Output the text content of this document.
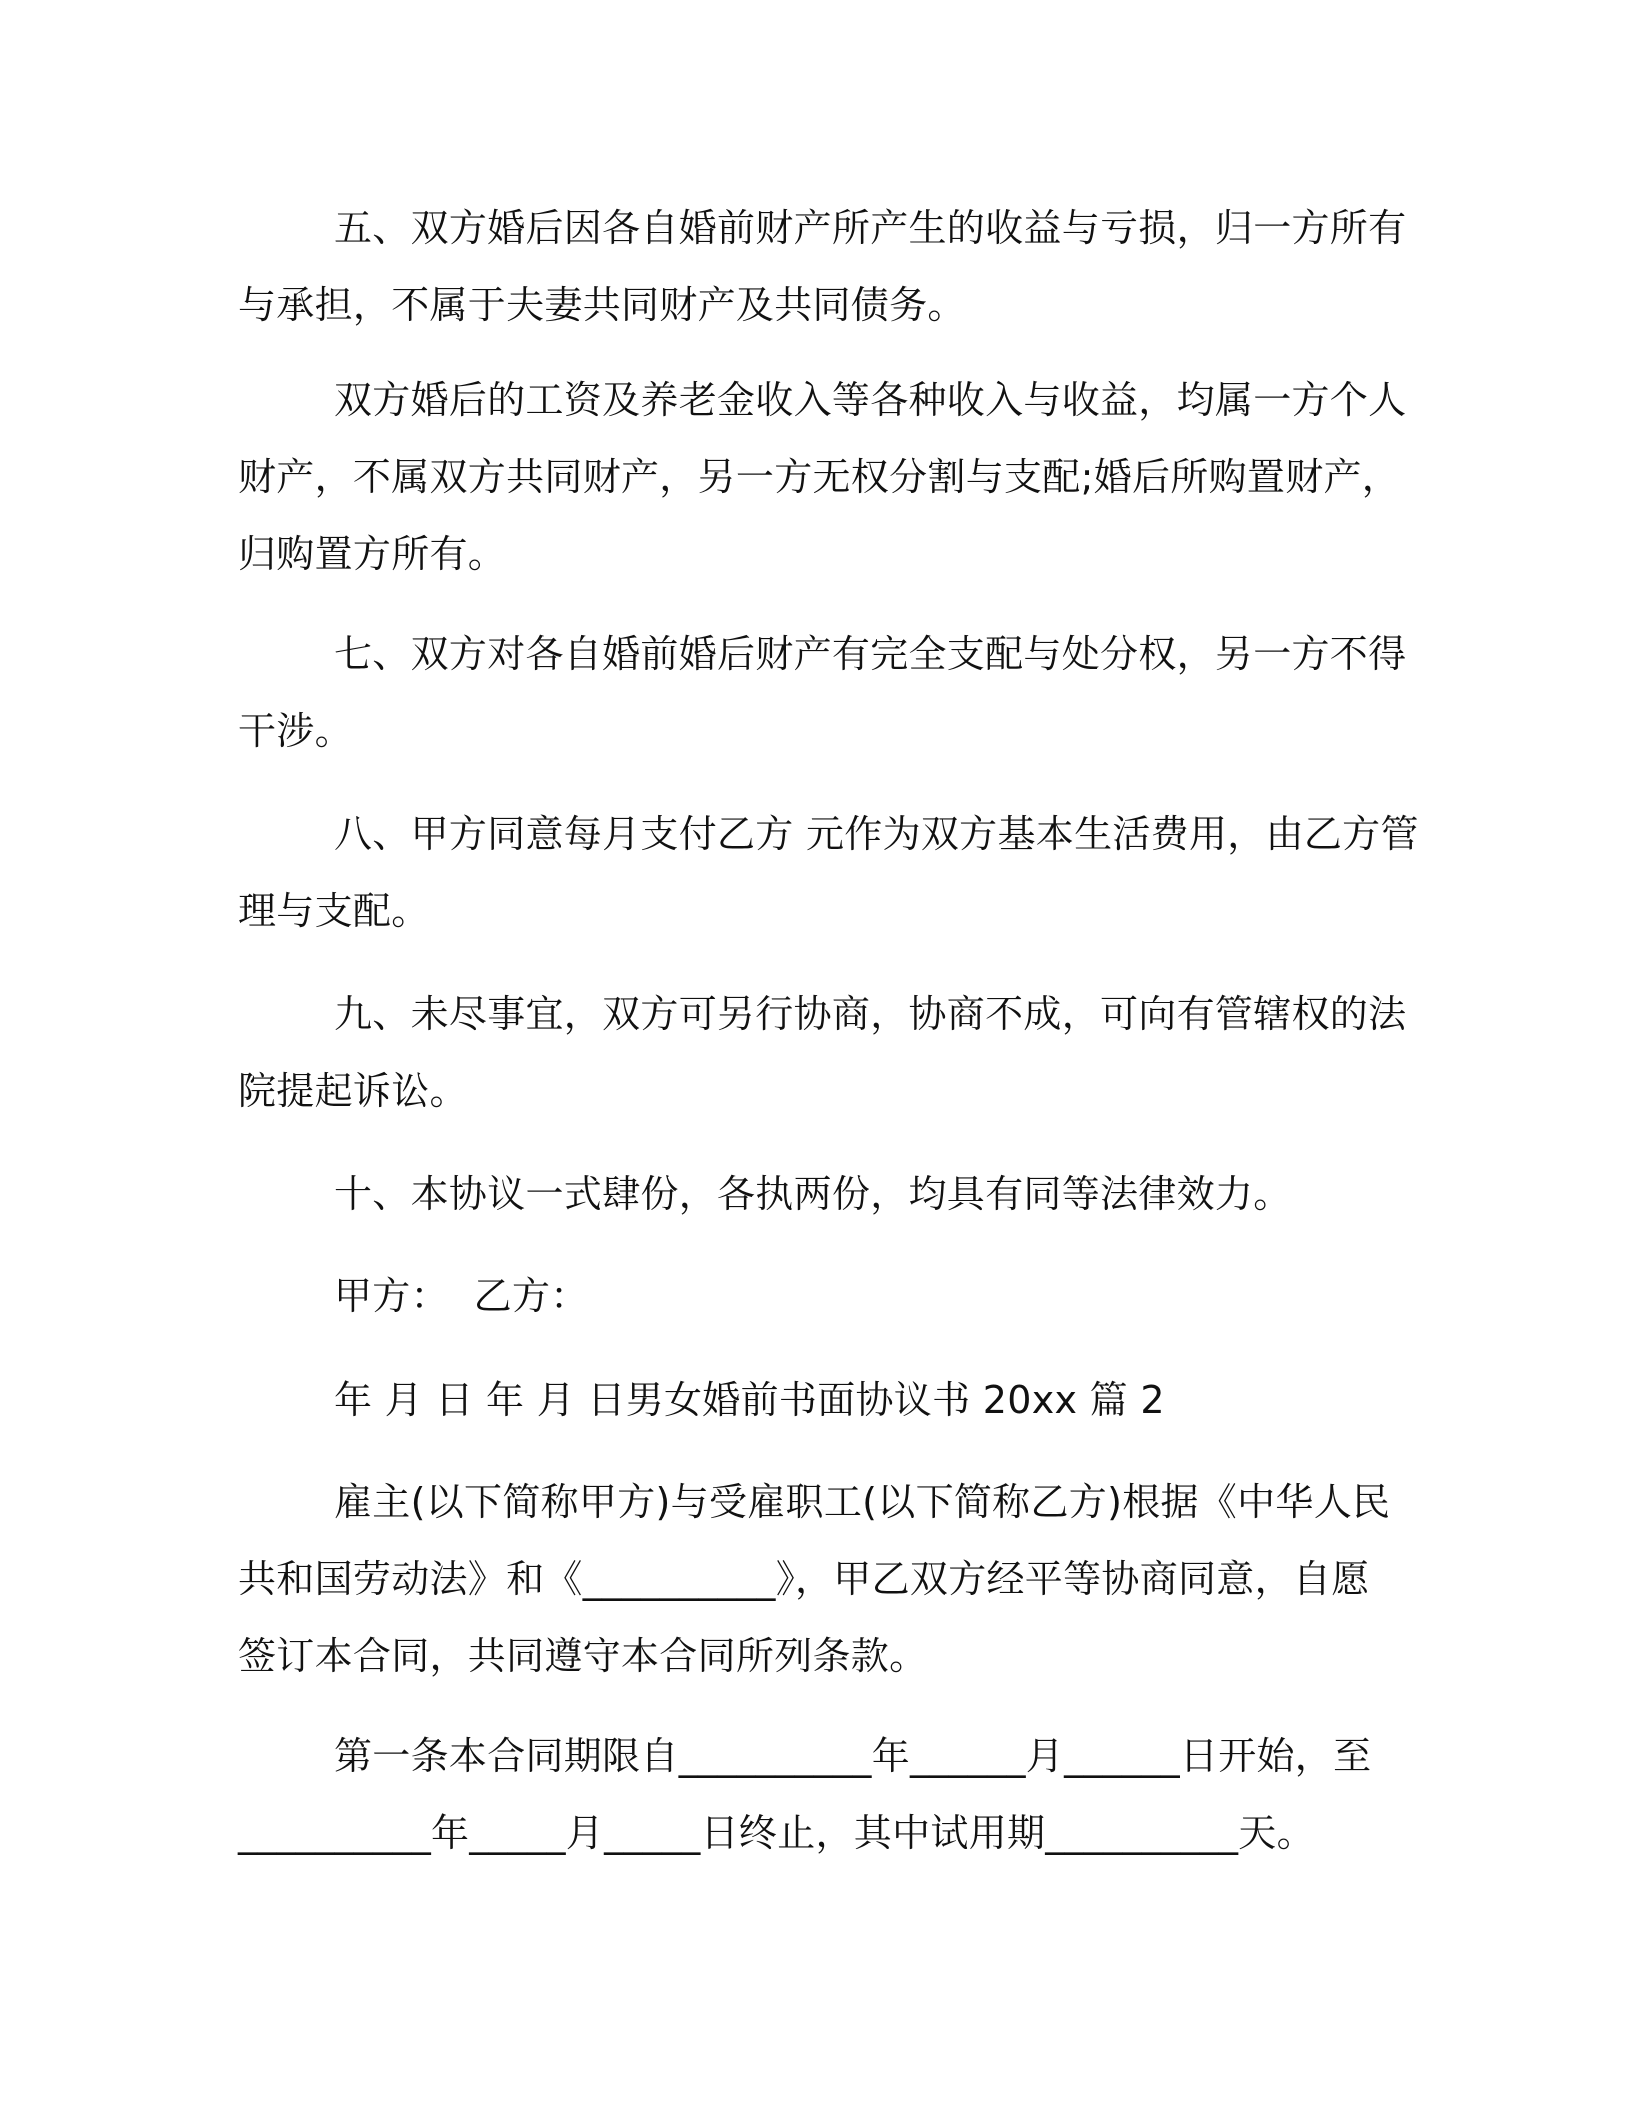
五、双方婚后因各自婚前财产所产生的收益与亏损，归一方所有
与承担，不属于夫妻共同财产及共同债务。
双方婚后的工资及养老金收入等各种收入与收益，均属一方个人
财产，不属双方共同财产，另一方无权分割与支配;婚后所购置财产，
归购置方所有。
七、双方对各自婚前婚后财产有完全支配与处分权，另一方不得
干涉。
八、甲方同意每月支付乙方 元作为双方基本生活费用，由乙方管
理与支配。
九、未尽事宜，双方可另行协商，协商不成，可向有管辖权的法
院提起诉讼。
十、本协议一式肆份，各执两份，均具有同等法律效力。
甲方：  乙方：
年 月 日 年 月 日男女婚前书面协议书 20xx 篇 2
雇主(以下简称甲方)与受雇职工(以下简称乙方)根据《中华人民
共和国劳动法》和《__________》，甲乙双方经平等协商同意，自愿
签订本合同，共同遵守本合同所列条款。
第一条本合同期限自__________年______月______日开始，至
__________年_____月_____日终止，其中试用期__________天。
